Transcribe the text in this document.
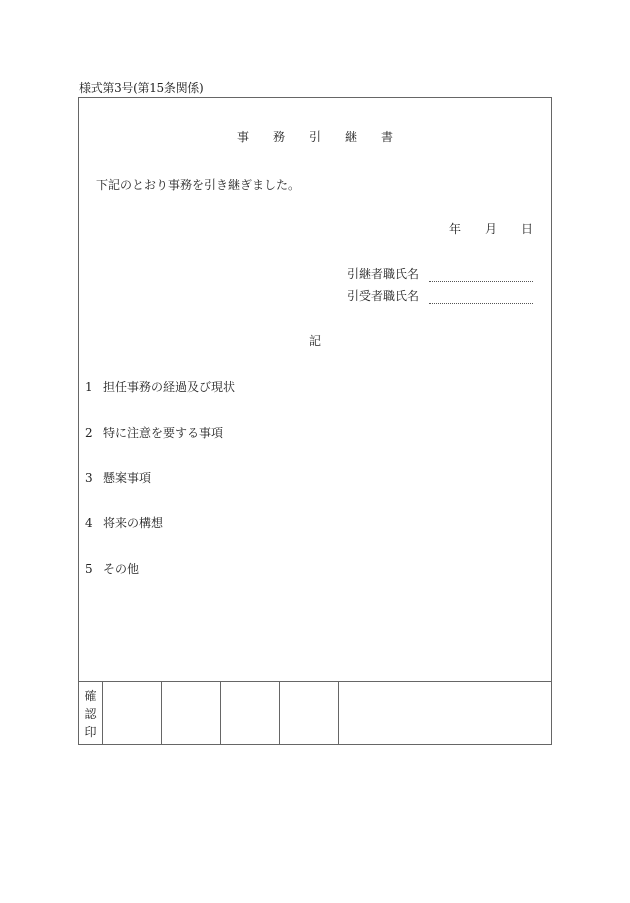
様式第3号(第15条関係)
事 務 引 継 書
下記のとおり事務を引き継ぎました。
年 月 日
引継者職氏名
引受者職氏名
記
1 担任事務の経過及び現状
2 特に注意を要する事項
3 懸案事項
4 将来の構想
5 その他
確
認
印
